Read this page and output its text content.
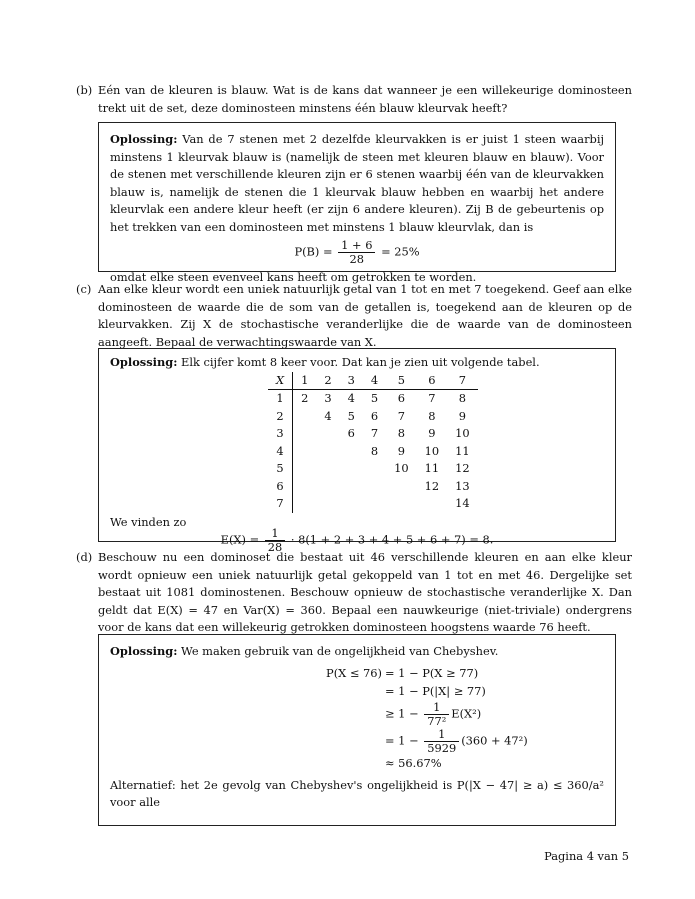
(b) Eén van de kleuren is blauw. Wat is de kans dat wanneer je een willekeurige dominosteen trekt uit de set, deze dominosteen minstens één blauw kleurvak heeft?
Oplossing: Van de 7 stenen met 2 dezelfde kleurvakken is er juist 1 steen waarbij minstens 1 kleurvak blauw is (namelijk de steen met kleuren blauw en blauw). Voor de stenen met verschillende kleuren zijn er 6 stenen waarbij één van de kleurvakken blauw is, namelijk de stenen die 1 kleurvak blauw hebben en waarbij het andere kleurvlak een andere kleur heeft (er zijn 6 andere kleuren). Zij B de gebeurtenis op het trekken van een dominosteen met minstens 1 blauw kleurvlak, dan is
$P(B) = \frac{1 + 6}{28} = 25\%$
omdat elke steen evenveel kans heeft om getrokken te worden.
(c) Aan elke kleur wordt een uniek natuurlijk getal van 1 tot en met 7 toegekend. Geef aan elke dominosteen de waarde die de som van de getallen is, toegekend aan de kleuren op de kleurvakken. Zij X de stochastische veranderlijke die de waarde van de dominosteen aangeeft. Bepaal de verwachtingswaarde van X.
Oplossing: Elk cijfer komt 8 keer voor. Dat kan je zien uit volgende tabel.
X	1	2	3	4	5	6	7
1	2	3	4	5	6	7	8
2		4	5	6	7	8	9
3			6	7	8	9	10
4				8	9	10	11
5					10	11	12
6						12	13
7							14
We vinden zo
$E(X) = \frac{1}{28} \cdot 8(1 + 2 + 3 + 4 + 5 + 6 + 7) = 8$.
(d) Beschouw nu een dominoset die bestaat uit 46 verschillende kleuren en aan elke kleur wordt opnieuw een uniek natuurlijk getal gekoppeld van 1 tot en met 46. Dergelijke set bestaat uit 1081 dominostenen. Beschouw opnieuw de stochastische veranderlijke X. Dan geldt dat E(X) = 47 en Var(X) = 360. Bepaal een nauwkeurige (niet-triviale) ondergrens voor de kans dat een willekeurig getrokken dominosteen hoogstens waarde 76 heeft.
Oplossing: We maken gebruik van de ongelijkheid van Chebyshev.
P(X ≤ 76) = 1 − P(X ≥ 77)
= 1 − P(|X| ≥ 77)
≥ $1 - \frac{1}{\text{77²}} E(X^2)$
= $1 - \frac{1}{5929} (360 + 47^2)$
≈ 56.67%
Alternatief: het 2e gevolg van Chebyshev's ongelijkheid is P(|X − 47| ≥ a) ≤ 360/a² voor alle
Pagina 4 van 5
